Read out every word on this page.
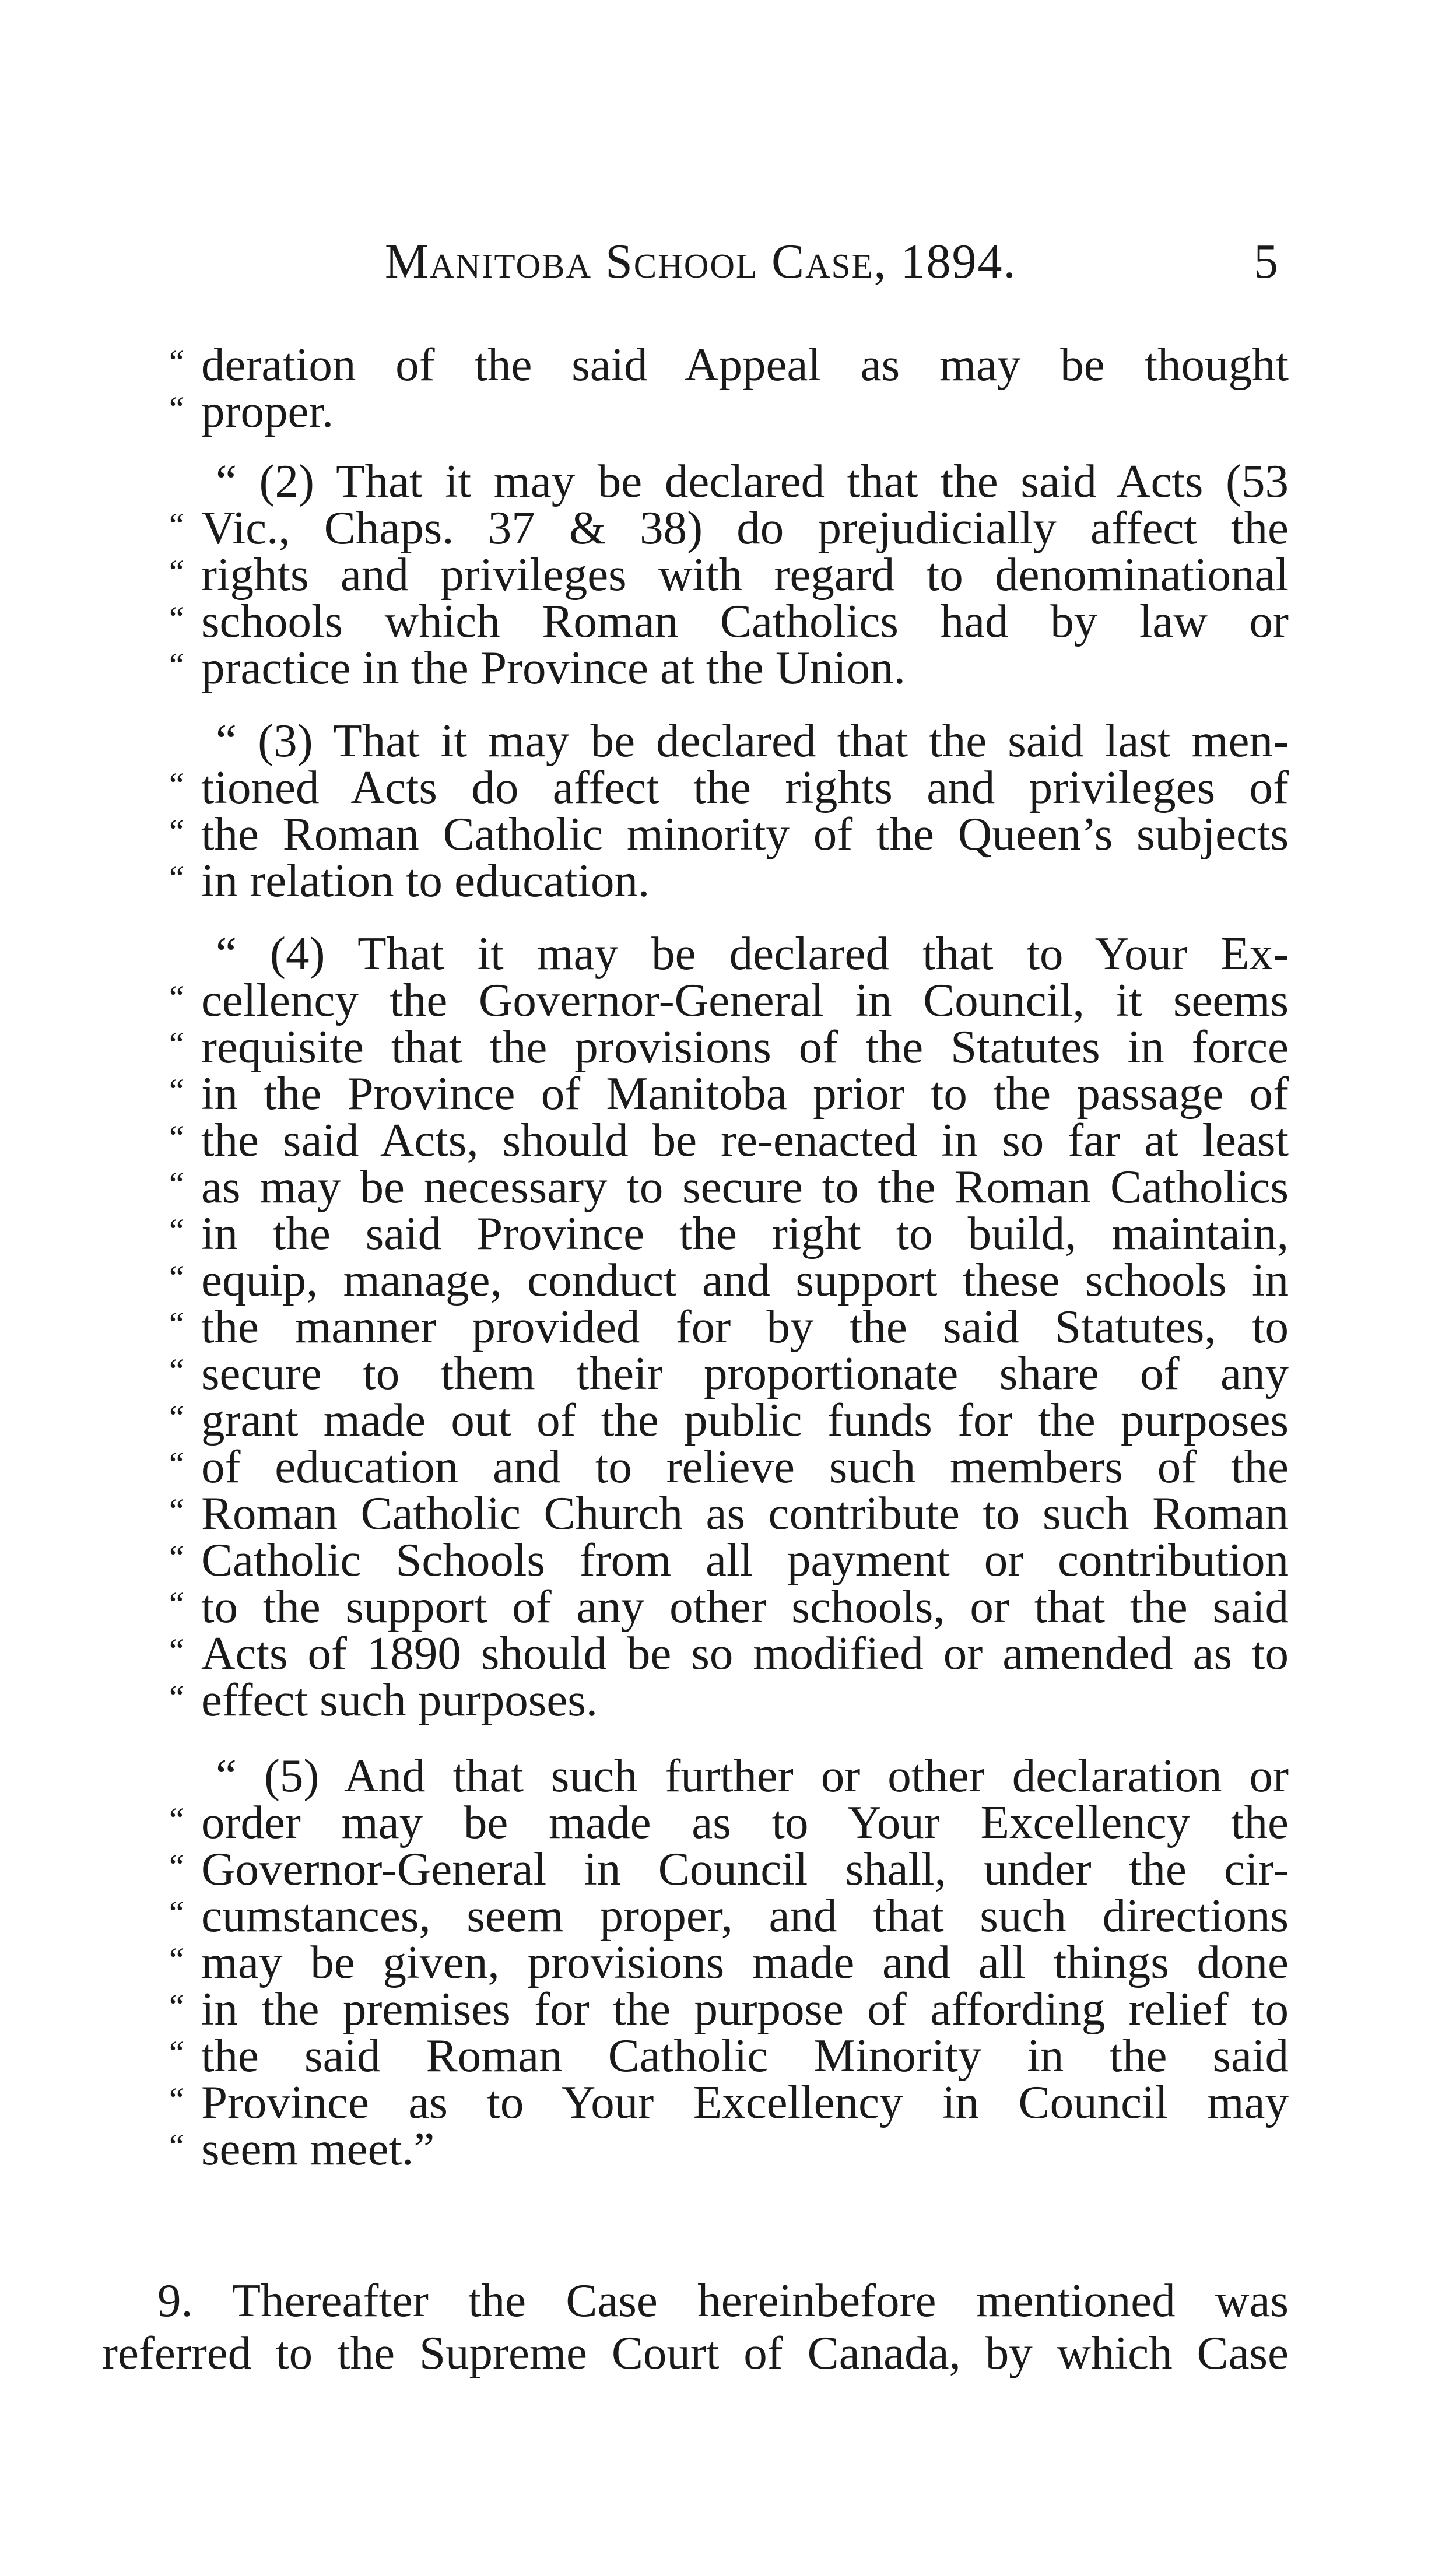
Manitoba School Case, 1894.	5
“ deration of the said Appeal as may be thought
“ proper.
“ (2) That it may be declared that the said Acts (53
“ Vic., Chaps. 37 & 38) do prejudicially affect the
“ rights and privileges with regard to denominational
“ schools which Roman Catholics had by law or
“ practice in the Province at the Union.
“ (3) That it may be declared that the said last men-
“ tioned Acts do affect the rights and privileges of
“ the Roman Catholic minority of the Queen’s subjects
“ in relation to education.
“ (4) That it may be declared that to Your Ex-
“ cellency the Governor-General in Council, it seems
“ requisite that the provisions of the Statutes in force
“ in the Province of Manitoba prior to the passage of
“ the said Acts, should be re-enacted in so far at least
“ as may be necessary to secure to the Roman Catholics
“ in the said Province the right to build, maintain,
“ equip, manage, conduct and support these schools in
“ the manner provided for by the said Statutes, to
“ secure to them their proportionate share of any
“ grant made out of the public funds for the purposes
“ of education and to relieve such members of the
“ Roman Catholic Church as contribute to such Roman
“ Catholic Schools from all payment or contribution
“ to the support of any other schools, or that the said
“ Acts of 1890 should be so modified or amended as to
“ effect such purposes.
“ (5) And that such further or other declaration or
“ order may be made as to Your Excellency the
“ Governor-General in Council shall, under the cir-
“ cumstances, seem proper, and that such directions
“ may be given, provisions made and all things done
“ in the premises for the purpose of affording relief to
“ the said Roman Catholic Minority in the said
“ Province as to Your Excellency in Council may
“ seem meet.”
9. Thereafter the Case hereinbefore mentioned was
referred to the Supreme Court of Canada, by which Case
